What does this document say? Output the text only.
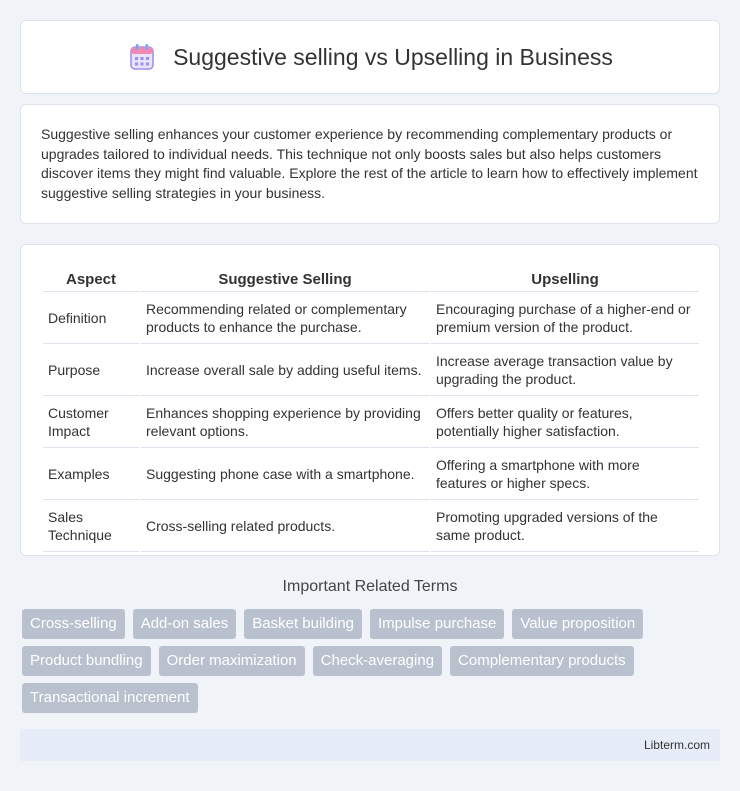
Suggestive selling vs Upselling in Business

Suggestive selling enhances your customer experience by recommending complementary products or upgrades tailored to individual needs. This technique not only boosts sales but also helps customers discover items they might find valuable. Explore the rest of the article to learn how to effectively implement suggestive selling strategies in your business.

Aspect	Suggestive Selling	Upselling
Definition	Recommending related or complementary products to enhance the purchase.	Encouraging purchase of a higher-end or premium version of the product.
Purpose	Increase overall sale by adding useful items.	Increase average transaction value by upgrading the product.
Customer Impact	Enhances shopping experience by providing relevant options.	Offers better quality or features, potentially higher satisfaction.
Examples	Suggesting phone case with a smartphone.	Offering a smartphone with more features or higher specs.
Sales Technique	Cross-selling related products.	Promoting upgraded versions of the same product.
Important Related Terms
Cross-selling	Add-on sales	Basket building	Impulse purchase	Value proposition
Product bundling	Order maximization	Check-averaging	Complementary products
Transactional increment
Libterm.com
